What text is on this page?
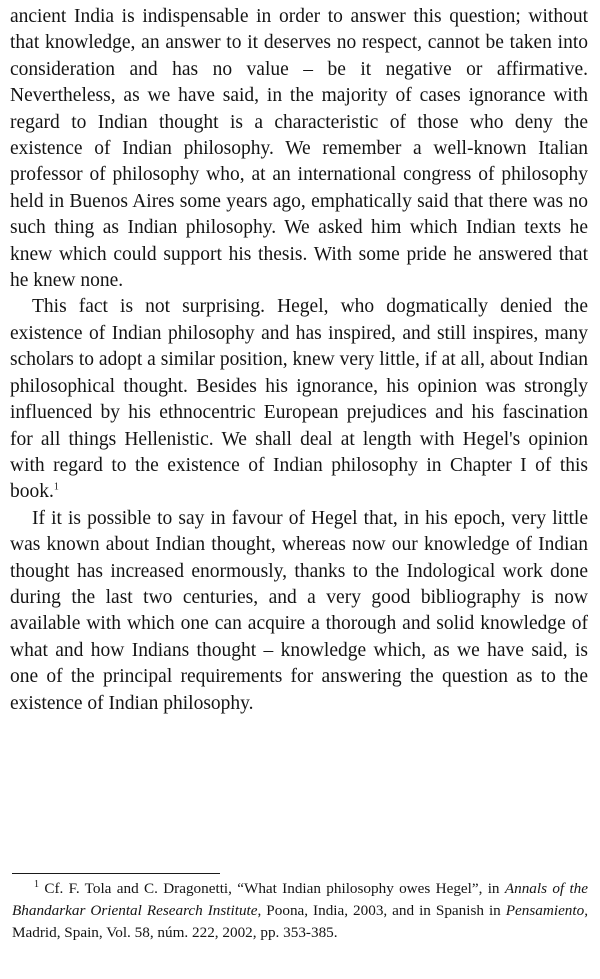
ancient India is indispensable in order to answer this question; without that knowledge, an answer to it deserves no respect, cannot be taken into consideration and has no value – be it negative or affirmative. Nevertheless, as we have said, in the majority of cases ignorance with regard to Indian thought is a characteristic of those who deny the existence of Indian philosophy. We remember a well-known Italian professor of philosophy who, at an international congress of philosophy held in Buenos Aires some years ago, emphatically said that there was no such thing as Indian philosophy. We asked him which Indian texts he knew which could support his thesis. With some pride he answered that he knew none.

This fact is not surprising. Hegel, who dogmatically denied the existence of Indian philosophy and has inspired, and still inspires, many scholars to adopt a similar position, knew very little, if at all, about Indian philosophical thought. Besides his ignorance, his opinion was strongly influenced by his ethnocentric European prejudices and his fascination for all things Hellenistic. We shall deal at length with Hegel's opinion with regard to the existence of Indian philosophy in Chapter I of this book.$^1$

If it is possible to say in favour of Hegel that, in his epoch, very little was known about Indian thought, whereas now our knowledge of Indian thought has increased enormously, thanks to the Indological work done during the last two centuries, and a very good bibliography is now available with which one can acquire a thorough and solid knowledge of what and how Indians thought – knowledge which, as we have said, is one of the principal requirements for answering the question as to the existence of Indian philosophy.

$^1$ Cf. F. Tola and C. Dragonetti, “What Indian philosophy owes Hegel”, in Annals of the Bhandarkar Oriental Research Institute, Poona, India, 2003, and in Spanish in Pensamiento, Madrid, Spain, Vol. 58, núm. 222, 2002, pp. 353-385.
